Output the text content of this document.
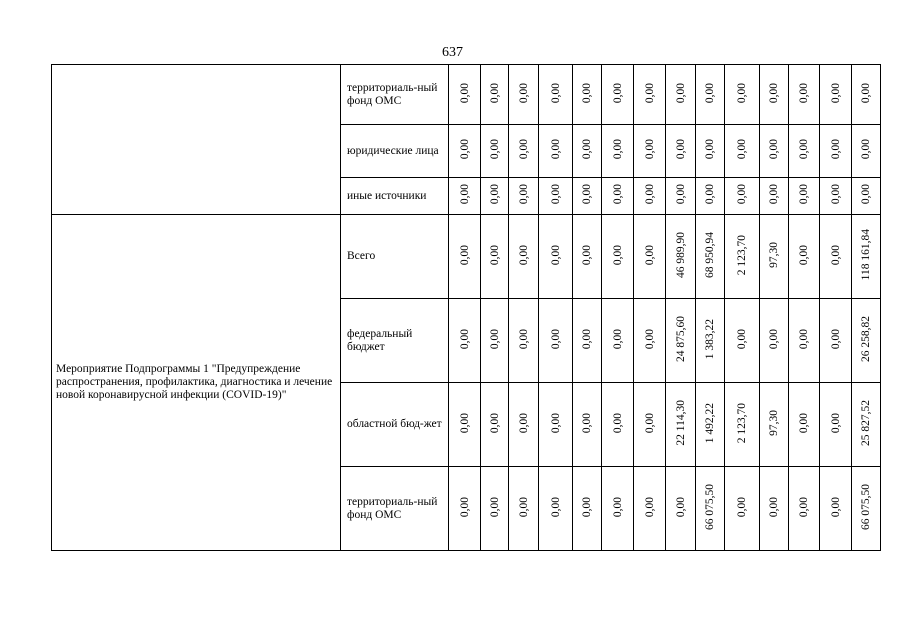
637
	территориаль-ный фонд ОМС	0,00	0,00	0,00	0,00	0,00	0,00	0,00	0,00	0,00	0,00	0,00	0,00	0,00	0,00
	юридические лица	0,00	0,00	0,00	0,00	0,00	0,00	0,00	0,00	0,00	0,00	0,00	0,00	0,00	0,00
	иные источники	0,00	0,00	0,00	0,00	0,00	0,00	0,00	0,00	0,00	0,00	0,00	0,00	0,00	0,00
Мероприятие Подпрограммы 1 "Предупреждение распространения, профилактика, диагностика и лечение новой коронавирусной инфекции (COVID-19)"	Всего	0,00	0,00	0,00	0,00	0,00	0,00	0,00	46 989,90	68 950,94	2 123,70	97,30	0,00	0,00	118 161,84
	федеральный бюджет	0,00	0,00	0,00	0,00	0,00	0,00	0,00	24 875,60	1 383,22	0,00	0,00	0,00	0,00	26 258,82
	областной бюд-жет	0,00	0,00	0,00	0,00	0,00	0,00	0,00	22 114,30	1 492,22	2 123,70	97,30	0,00	0,00	25 827,52
	территориаль-ный фонд ОМС	0,00	0,00	0,00	0,00	0,00	0,00	0,00	0,00	66 075,50	0,00	0,00	0,00	0,00	66 075,50
